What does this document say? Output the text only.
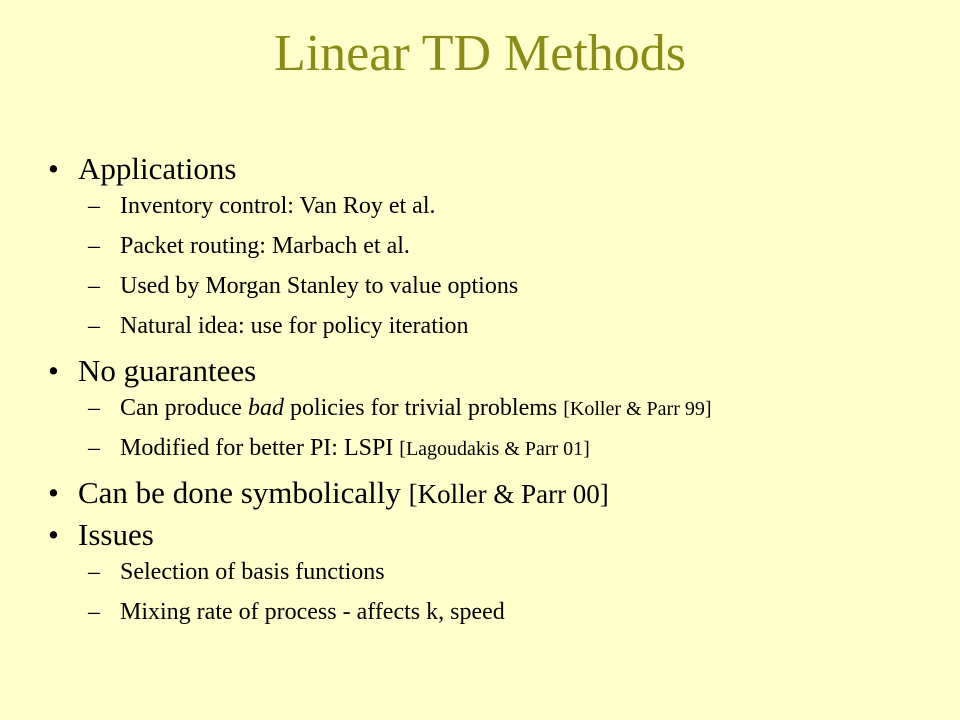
Linear TD Methods
• Applications
– Inventory control: Van Roy et al.
– Packet routing: Marbach et al.
– Used by Morgan Stanley to value options
– Natural idea: use for policy iteration
• No guarantees
– Can produce bad policies for trivial problems [Koller & Parr 99]
– Modified for better PI: LSPI [Lagoudakis & Parr 01]
• Can be done symbolically [Koller & Parr 00]
• Issues
– Selection of basis functions
– Mixing rate of process - affects k, speed
